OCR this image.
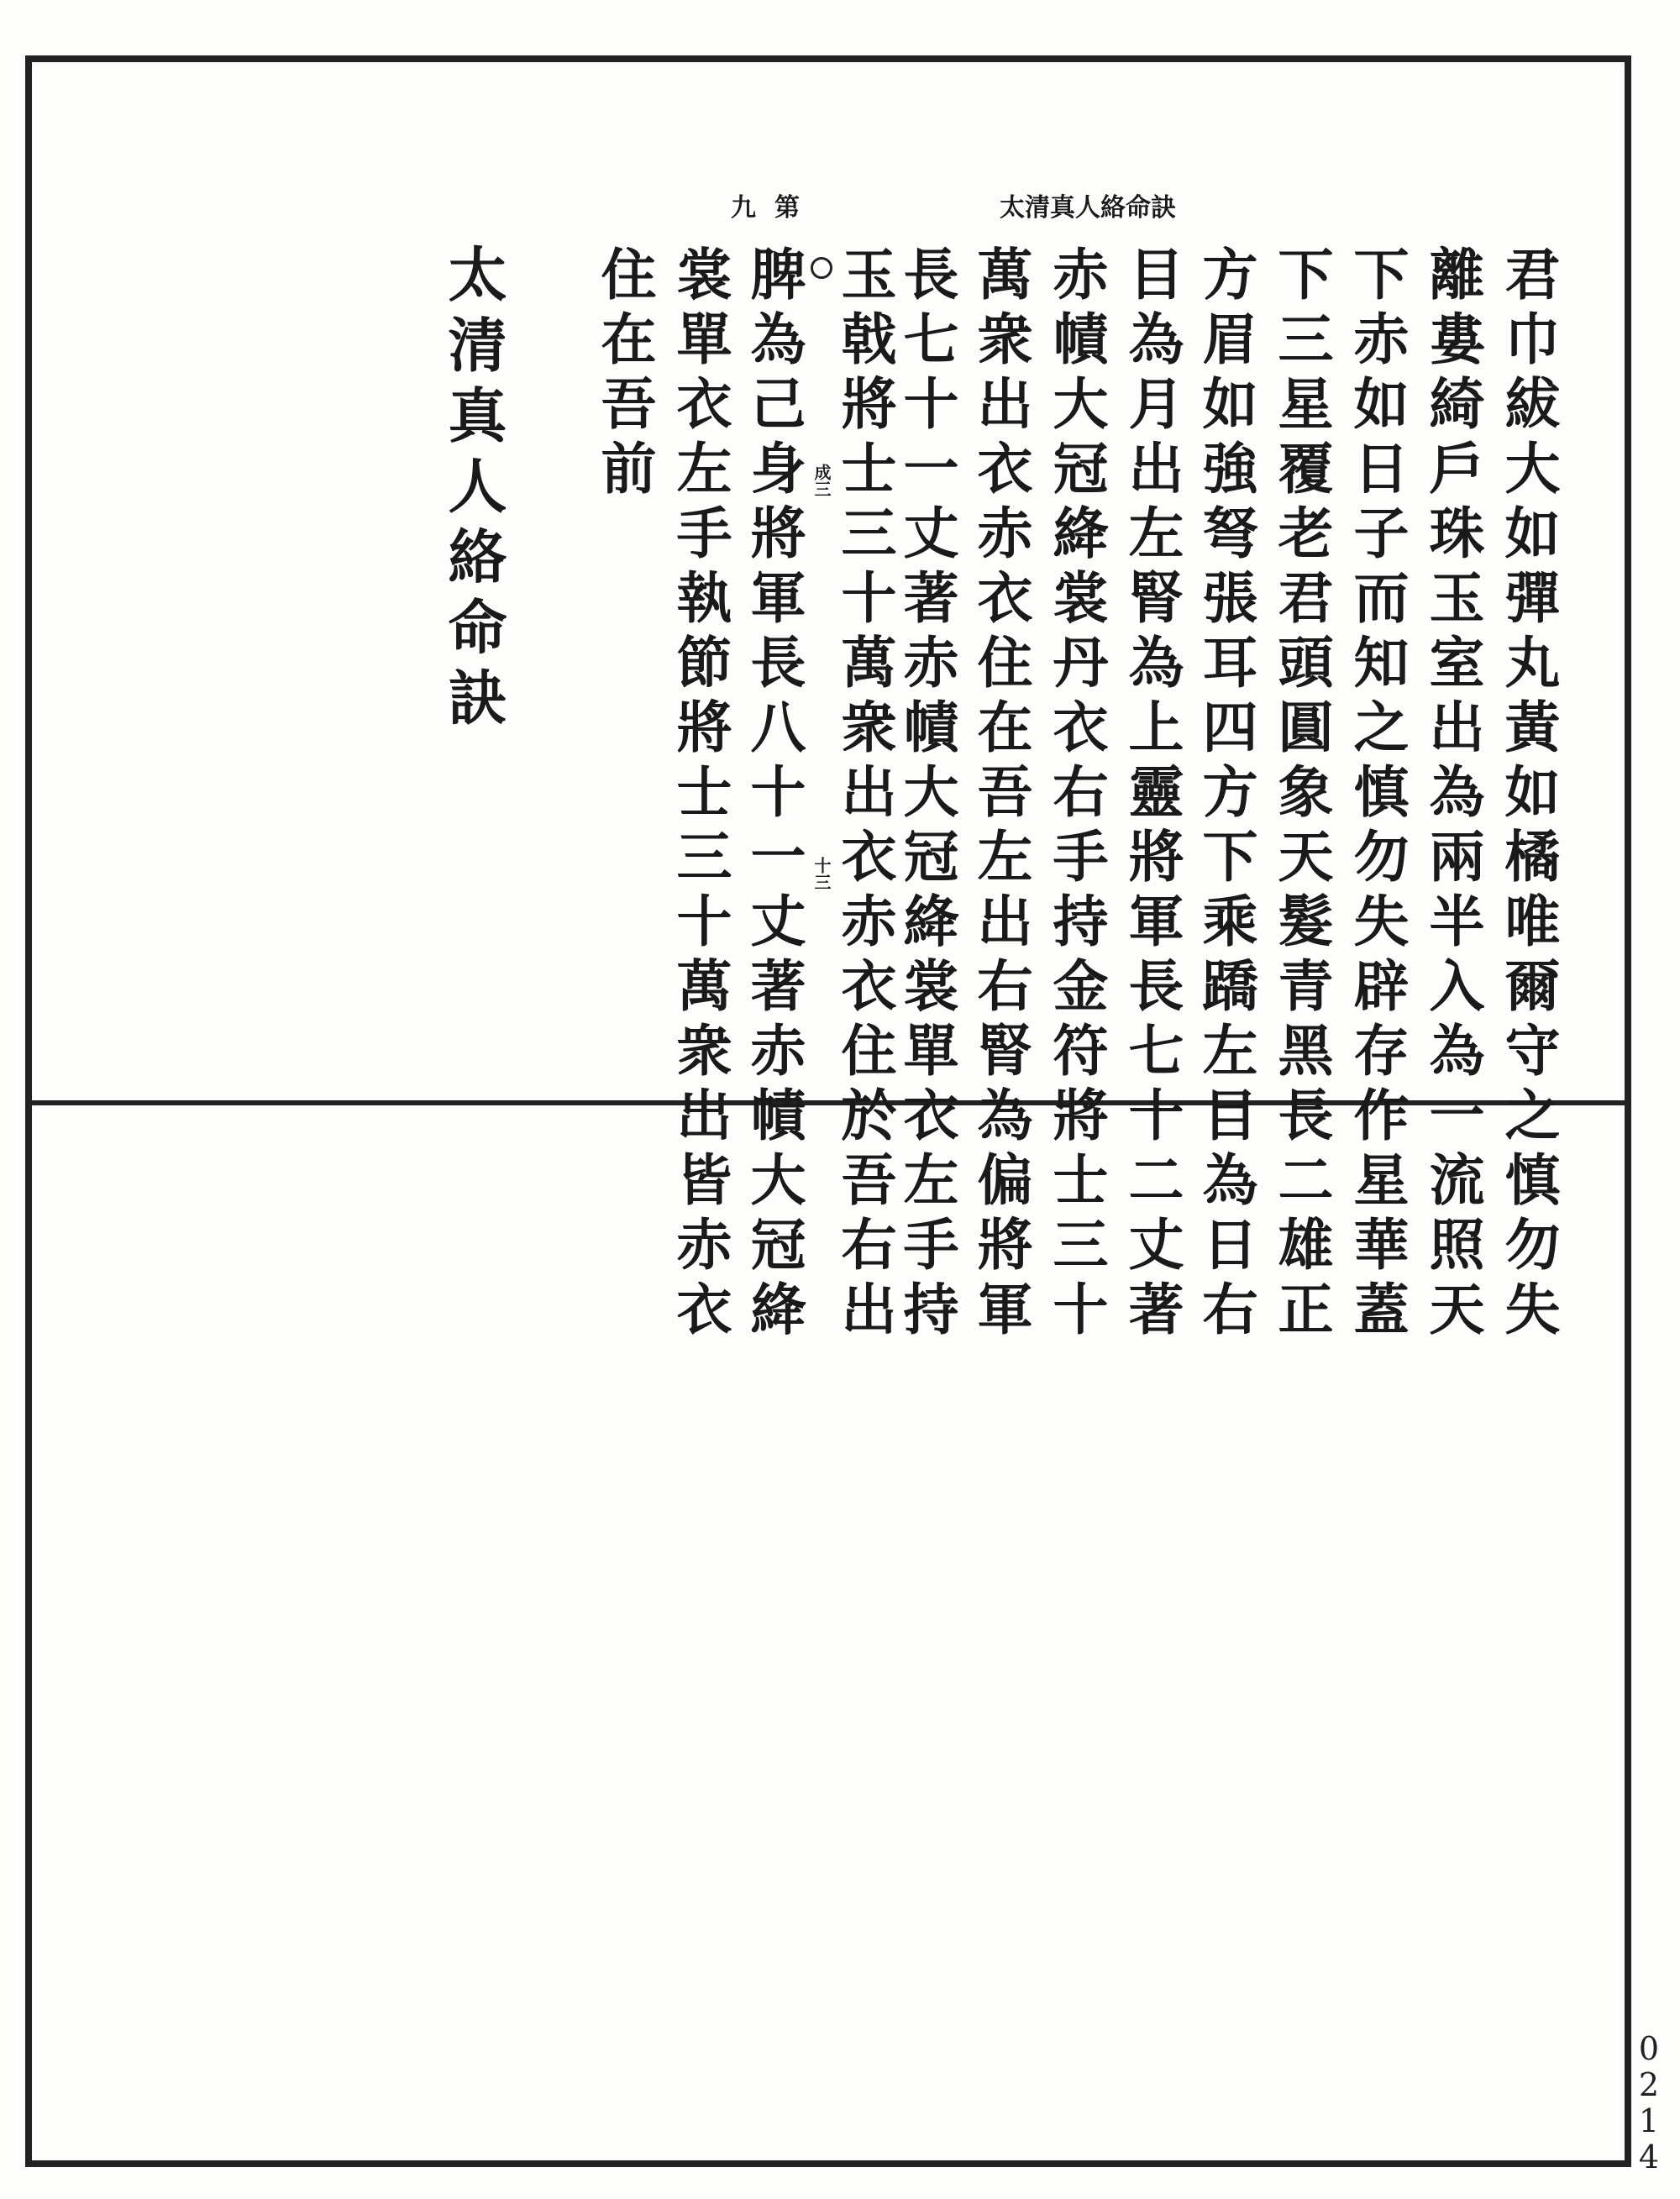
太清真人絡命訣
第
九
君巾紱大如彈丸黃如橘唯爾守之慎勿失
離婁綺戶珠玉室出為兩半入為一流照天
下赤如日子而知之慎勿失辟存作星華蓋
下三星覆老君頭圓象天髮青黑長二雄正
方眉如強弩張耳四方下乘蹻左目為日右
目為月出左腎為上靈將軍長七十二丈著
赤幘大冠絳裳丹衣右手持金符將士三十
萬衆出衣赤衣住在吾左出右腎為偏將軍
長七十一丈著赤幘大冠絳裳單衣左手持
玉戟將士三十萬衆出衣赤衣住於吾右出
脾為己身將軍長八十一丈著赤幘大冠絳
裳單衣左手執節將士三十萬衆出皆赤衣
住在吾前	成三
十三
太清真人絡命訣
0
2
1
4
